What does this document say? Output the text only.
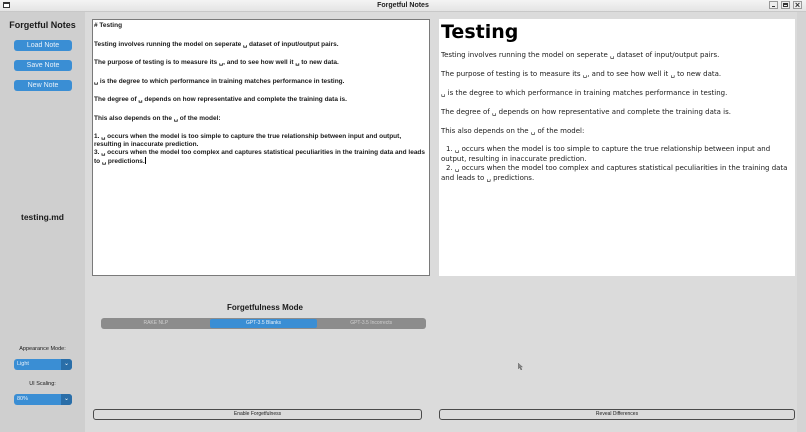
Forgetful Notes
×
Forgetful Notes
Load Note
Save Note
New Note
testing.md
Appearance Mode:
Light	⌄
UI Scaling:
80%	⌄

# Testing

Testing involves running the model on seperate ␣ dataset of input/output pairs.

The purpose of testing is to measure its ␣, and to see how well it ␣ to new data.

␣ is the degree to which performance in training matches performance in testing.

The degree of ␣ depends on how representative and complete the training data is.

This also depends on the ␣ of the model:

1. ␣ occurs when the model is too simple to capture the true relationship between input and output, resulting in inaccurate prediction.

3. ␣ occurs when the model too complex and captures statistical peculiarities in the training data and leads to ␣ predictions.

Testing

Testing involves running the model on seperate ␣ dataset of input/output pairs.

The purpose of testing is to measure its ␣, and to see how well it ␣ to new data.

␣ is the degree to which performance in training matches performance in testing.

The degree of ␣ depends on how representative and complete the training data is.

This also depends on the ␣ of the model:

1. ␣ occurs when the model is too simple to capture the true relationship between input and output, resulting in inaccurate prediction.
2. ␣ occurs when the model too complex and captures statistical peculiarities in the training data and leads to ␣ predictions.
Forgetfulness Mode
RAKE NLP	GPT-3.5 Blanks	GPT-3.5 Incorrects
Enable Forgetfulness	Reveal Differences
